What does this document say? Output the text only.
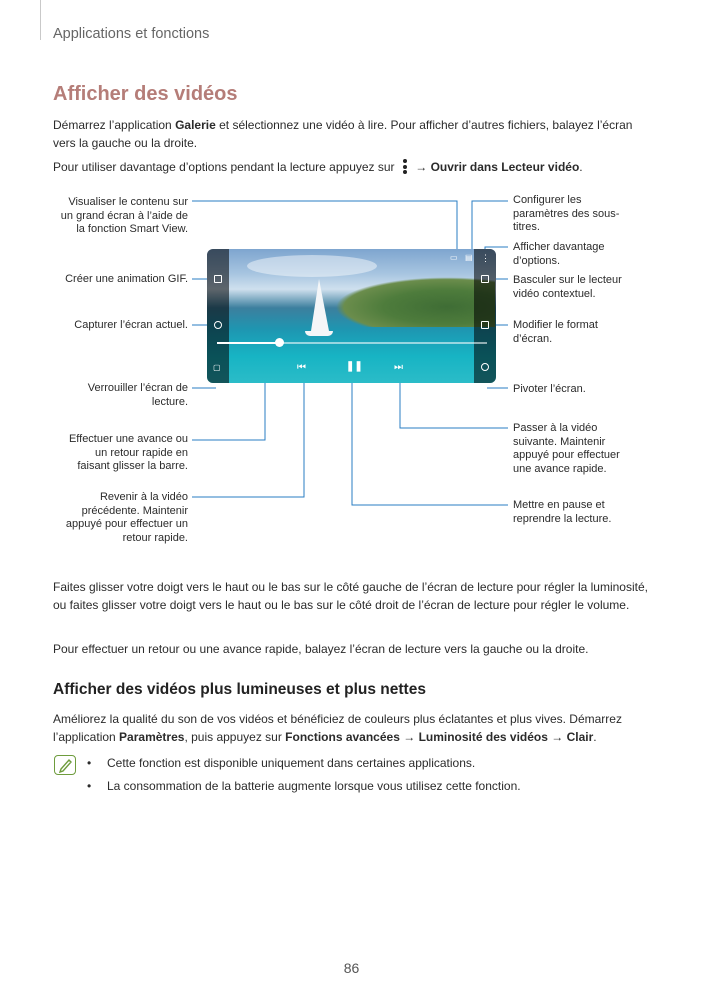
Applications et fonctions
Afficher des vidéos
Démarrez l’application Galerie et sélectionnez une vidéo à lire. Pour afficher d’autres fichiers, balayez l’écran vers la gauche ou la droite.
Pour utiliser davantage d’options pendant la lecture appuyez sur
→ Ouvrir dans Lecteur vidéo.
▢
▭ ▤ ⋮
⏮	❚❚	⏭
Visualiser le contenu sur un grand écran à l’aide de la fonction Smart View.
Créer une animation GIF.
Capturer l’écran actuel.
Verrouiller l’écran de lecture.
Effectuer une avance ou un retour rapide en faisant glisser la barre.
Revenir à la vidéo précédente. Maintenir appuyé pour effectuer un retour rapide.
Configurer les paramètres des sous-titres.
Afficher davantage d’options.
Basculer sur le lecteur vidéo contextuel.
Modifier le format d’écran.
Pivoter l’écran.
Passer à la vidéo suivante. Maintenir appuyé pour effectuer une avance rapide.
Mettre en pause et reprendre la lecture.
Faites glisser votre doigt vers le haut ou le bas sur le côté gauche de l’écran de lecture pour régler la luminosité, ou faites glisser votre doigt vers le haut ou le bas sur le côté droit de l’écran de lecture pour régler le volume.
Pour effectuer un retour ou une avance rapide, balayez l’écran de lecture vers la gauche ou la droite.
Afficher des vidéos plus lumineuses et plus nettes
Améliorez la qualité du son de vos vidéos et bénéficiez de couleurs plus éclatantes et plus vives. Démarrez l’application Paramètres, puis appuyez sur Fonctions avancées → Luminosité des vidéos → Clair.
• Cette fonction est disponible uniquement dans certaines applications.
• La consommation de la batterie augmente lorsque vous utilisez cette fonction.
86
